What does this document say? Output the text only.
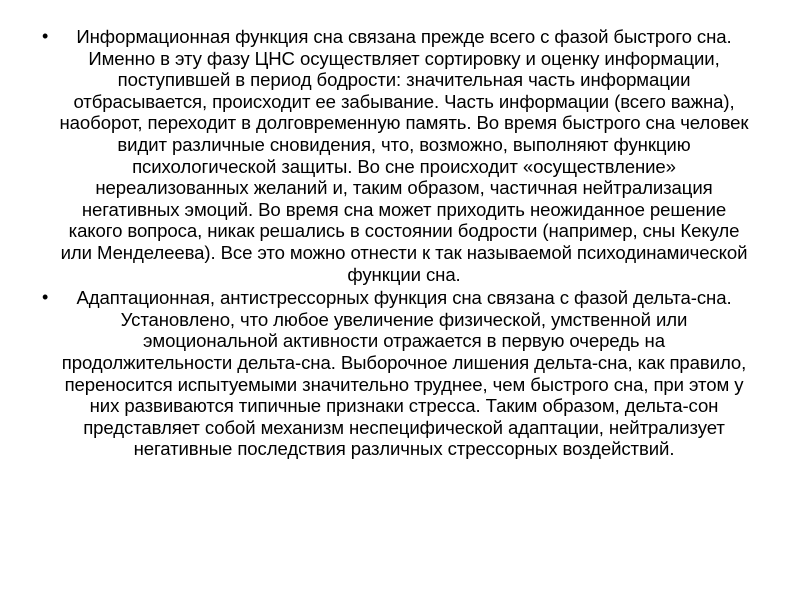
•	Информационная функция сна связана прежде всего с фазой быстрого сна. Именно в эту фазу ЦНС осуществляет сортировку и оценку информации, поступившей в период бодрости: значительная часть информации отбрасывается, происходит ее забывание. Часть информации (всего важна), наоборот, переходит в долговременную память. Во время быстрого сна человек видит различные сновидения, что, возможно, выполняют функцию психологической защиты. Во сне происходит «осуществление» нереализованных желаний и, таким образом, частичная нейтрализация негативных эмоций. Во время сна может приходить неожиданное решение какого вопроса, никак решались в состоянии бодрости (например, сны Кекуле или Менделеева). Все это можно отнести к так называемой психодинамической функции сна.
•	Адаптационная, антистрессорных функция сна связана с фазой дельта-сна. Установлено, что любое увеличение физической, умственной или эмоциональной активности отражается в первую очередь на продолжительности дельта-сна. Выборочное лишения дельта-сна, как правило, переносится испытуемыми значительно труднее, чем быстрого сна, при этом у них развиваются типичные признаки стресса. Таким образом, дельта-сон представляет собой механизм неспецифической адаптации, нейтрализует негативные последствия различных стрессорных воздействий.
